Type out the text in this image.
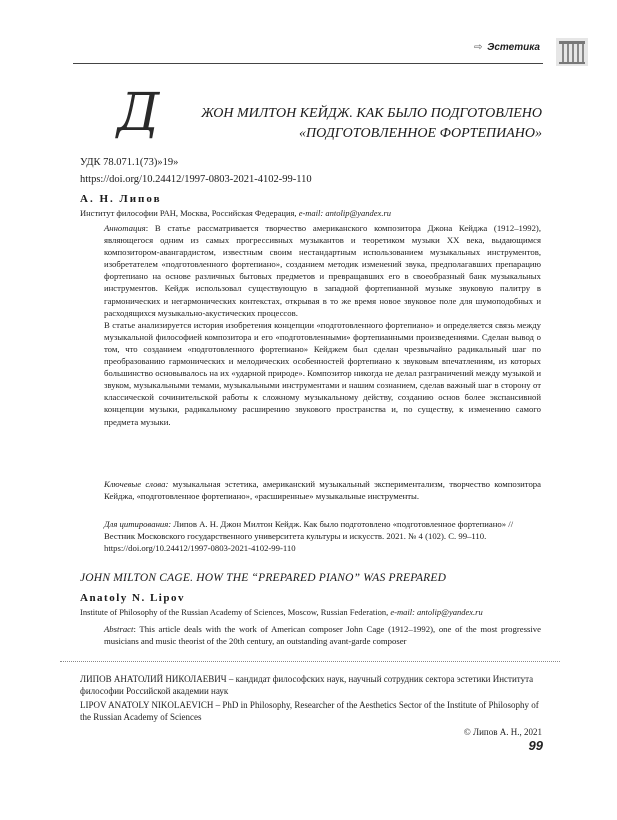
⇨ Эстетика
Д	ЖОН МИЛТОН КЕЙДЖ. КАК БЫЛО ПОДГОТОВЛЕНО
«ПОДГОТОВЛЕННОЕ ФОРТЕПИАНО»
УДК 78.071.1(73)»19»
https://doi.org/10.24412/1997-0803-2021-4102-99-110
А. Н. Липов
Институт философии РАН, Москва, Российская Федерация, e-mail: antolip@yandex.ru

Аннотация: В статье рассматривается творчество американского композитора Джона Кейджа (1912–1992), являющегося одним из самых прогрессивных музыкантов и теоретиком музыки XX века, выдающимся композитором-авангардистом, известным своим нестандартным использованием музыкальных инструментов, изобретателем «подготовленного фортепиано», созданием методик изменений звука, предполагавших препарацию фортепиано на основе различных бытовых предметов и превращавших его в своеобразный банк музыкальных инструментов. Кейдж использовал существующую в западной фортепианной музыке звуковую палитру в гармонических и негармонических контекстах, открывая в то же время новое звуковое поле для шумоподобных и расходящихся музыкально-акустических процессов.

В статье анализируется история изобретения концепции «подготовленного фортепиано» и определяется связь между музыкальной философией композитора и его «подготовленными» фортепианными произведениями. Сделан вывод о том, что созданием «подготовленного фортепиано» Кейджем был сделан чрезвычайно радикальный шаг по преобразованию гармонических и мелодических особенностей фортепиано к звуковым впечатлениям, из которых большинство основывалось на их «ударной природе». Композитор никогда не делал разграничений между музыкой и звуком, музыкальными темами, музыкальными инструментами и нашим сознанием, сделав важный шаг в сторону от классической сочинительской работы к сложному музыкальному действу, созданию основ более экспансивной концепции музыки, радикальному расширению звукового пространства и, по существу, к изменению самого предмета музыки.

Ключевые слова: музыкальная эстетика, американский музыкальный экспериментализм, творчество композитора Кейджа, «подготовленное фортепиано», «расширенные» музыкальные инструменты.
Для цитирования: Липов А. Н. Джон Милтон Кейдж. Как было подготовлено «подготовленное фортепиано» // Вестник Московского государственного университета культуры и искусств. 2021. № 4 (102). С. 99–110. https://doi.org/10.24412/1997-0803-2021-4102-99-110
JOHN MILTON CAGE. HOW THE “PREPARED PIANO” WAS PREPARED
Anatoly N. Lipov
Institute of Philosophy of the Russian Academy of Sciences, Moscow, Russian Federation, e-mail: antolip@yandex.ru
Abstract: This article deals with the work of American composer John Cage (1912–1992), one of the most progressive musicians and music theorist of the 20th century, an outstanding avant-garde composer
ЛИПОВ АНАТОЛИЙ НИКОЛАЕВИЧ – кандидат философских наук, научный сотрудник сектора эстетики Института философии Российской академии наук
LIPOV ANATOLY NIKOLAEVICH – PhD in Philosophy, Researcher of the Aesthetics Sector of the Institute of Philosophy of the Russian Academy of Sciences
© Липов А. Н., 2021
99
